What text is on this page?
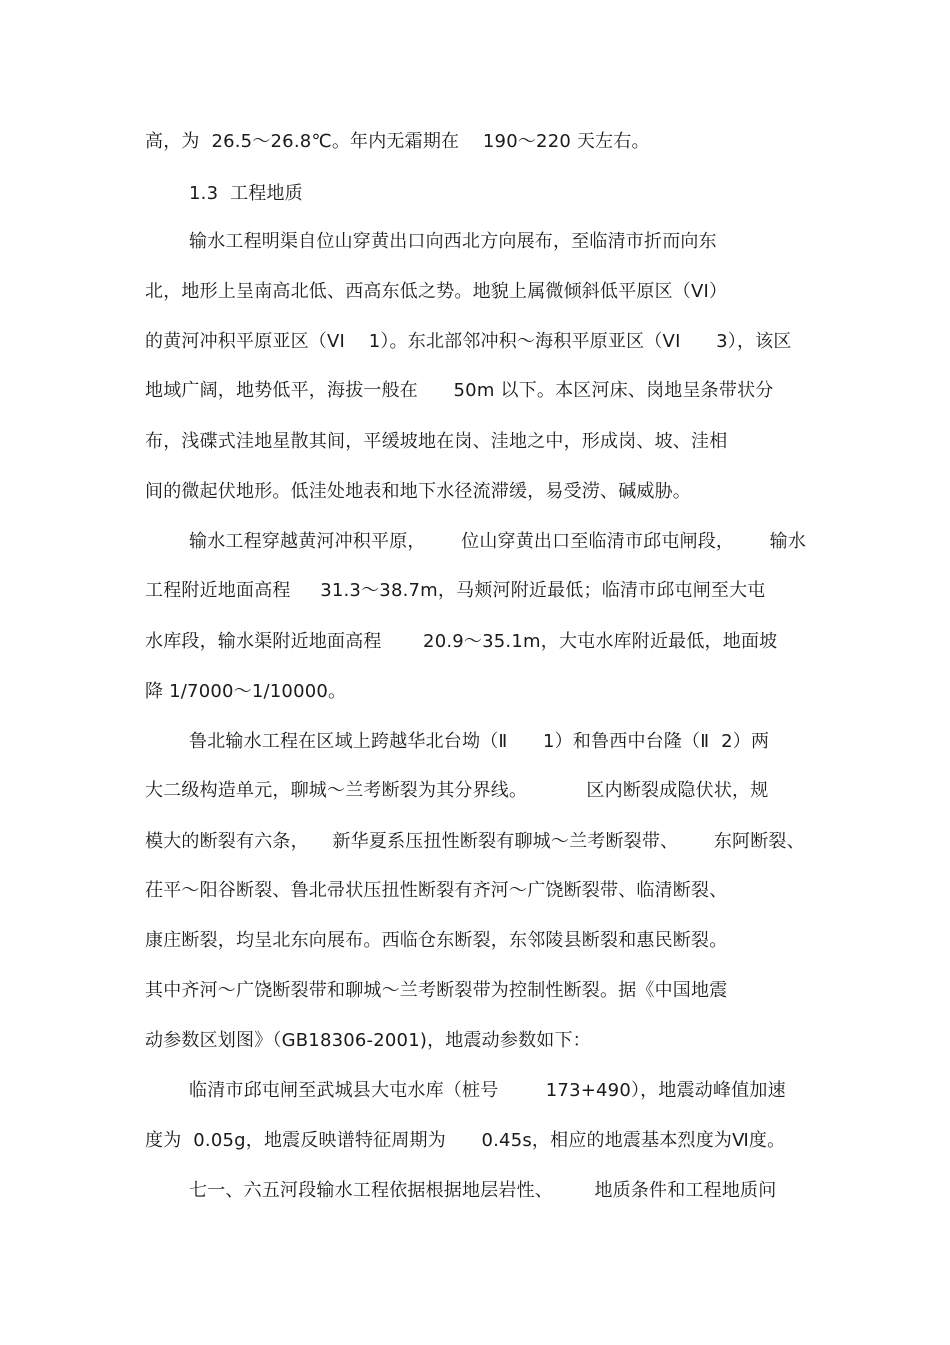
高，为  26.5～26.8℃。年内无霜期在    190～220 天左右。
1.3  工程地质
输水工程明渠自位山穿黄出口向西北方向展布，至临清市折而向东
北，地形上呈南高北低、西高东低之势。地貌上属微倾斜低平原区（VI）
的黄河冲积平原亚区（VI    1）。东北部邻冲积～海积平原亚区（VI      3），该区
地域广阔，地势低平，海拔一般在      50m 以下。本区河床、岗地呈条带状分
布，浅碟式洼地星散其间，平缓坡地在岗、洼地之中，形成岗、坡、洼相
间的微起伏地形。低洼处地表和地下水径流滞缓，易受涝、碱威胁。
输水工程穿越黄河冲积平原，      位山穿黄出口至临清市邱屯闸段，      输水
工程附近地面高程     31.3～38.7m，马颊河附近最低；临清市邱屯闸至大屯
水库段，输水渠附近地面高程       20.9～35.1m，大屯水库附近最低，地面坡
降 1/7000～1/10000。
鲁北输水工程在区域上跨越华北台坳（Ⅱ      1）和鲁西中台隆（Ⅱ  2）两
大二级构造单元，聊城～兰考断裂为其分界线。          区内断裂成隐伏状，规
模大的断裂有六条，    新华夏系压扭性断裂有聊城～兰考断裂带、      东阿断裂、
茌平～阳谷断裂、鲁北帚状压扭性断裂有齐河～广饶断裂带、临清断裂、
康庄断裂，均呈北东向展布。西临仓东断裂，东邻陵县断裂和惠民断裂。
其中齐河～广饶断裂带和聊城～兰考断裂带为控制性断裂。据《中国地震
动参数区划图》（GB18306-2001)，地震动参数如下：
临清市邱屯闸至武城县大屯水库（桩号        173+490），地震动峰值加速
度为  0.05g，地震反映谱特征周期为      0.45s，相应的地震基本烈度为Ⅵ度。
七一、六五河段输水工程依据根据地层岩性、       地质条件和工程地质问
